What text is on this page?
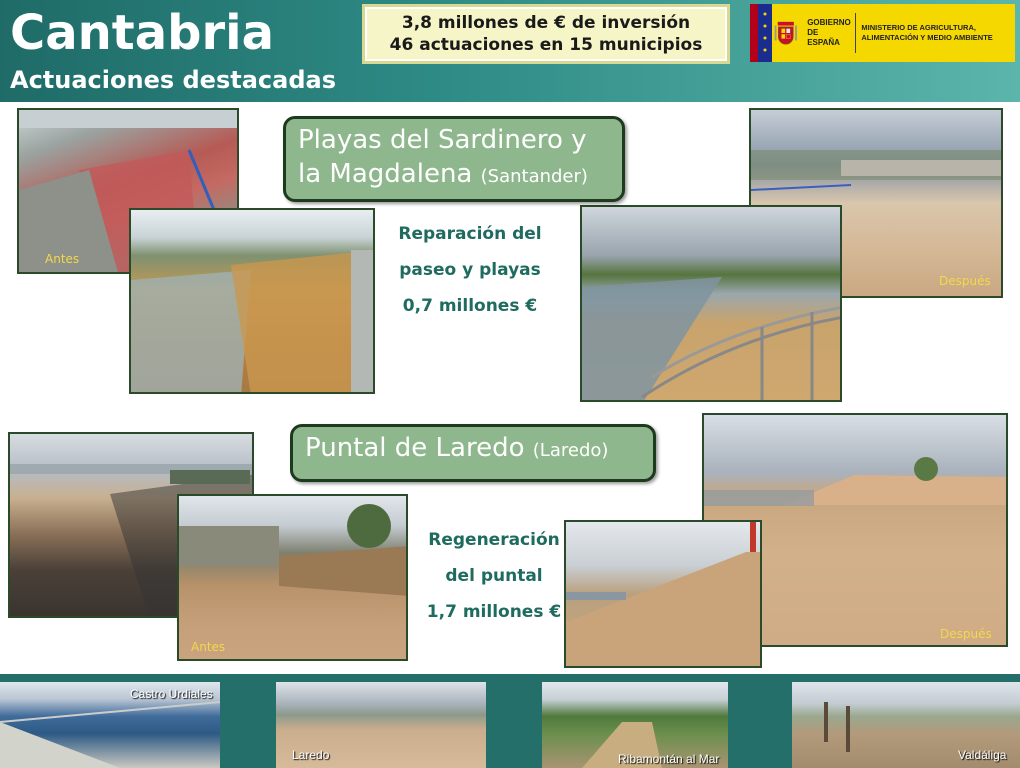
Cantabria
Actuaciones destacadas
3,8 millones de € de inversión
46 actuaciones en 15 municipios
GOBIERNO DE ESPAÑA
MINISTERIO DE AGRICULTURA, ALIMENTACIÓN Y MEDIO AMBIENTE
Antes
Después
Playas del Sardinero y
la Magdalena (Santander)
Reparación del
paseo y playas
0,7 millones €
Antes
Después
Puntal de Laredo (Laredo)
Regeneración
del puntal
1,7 millones €
Castro Urdiales
Laredo	Ribamontán al Mar	Valdáliga
